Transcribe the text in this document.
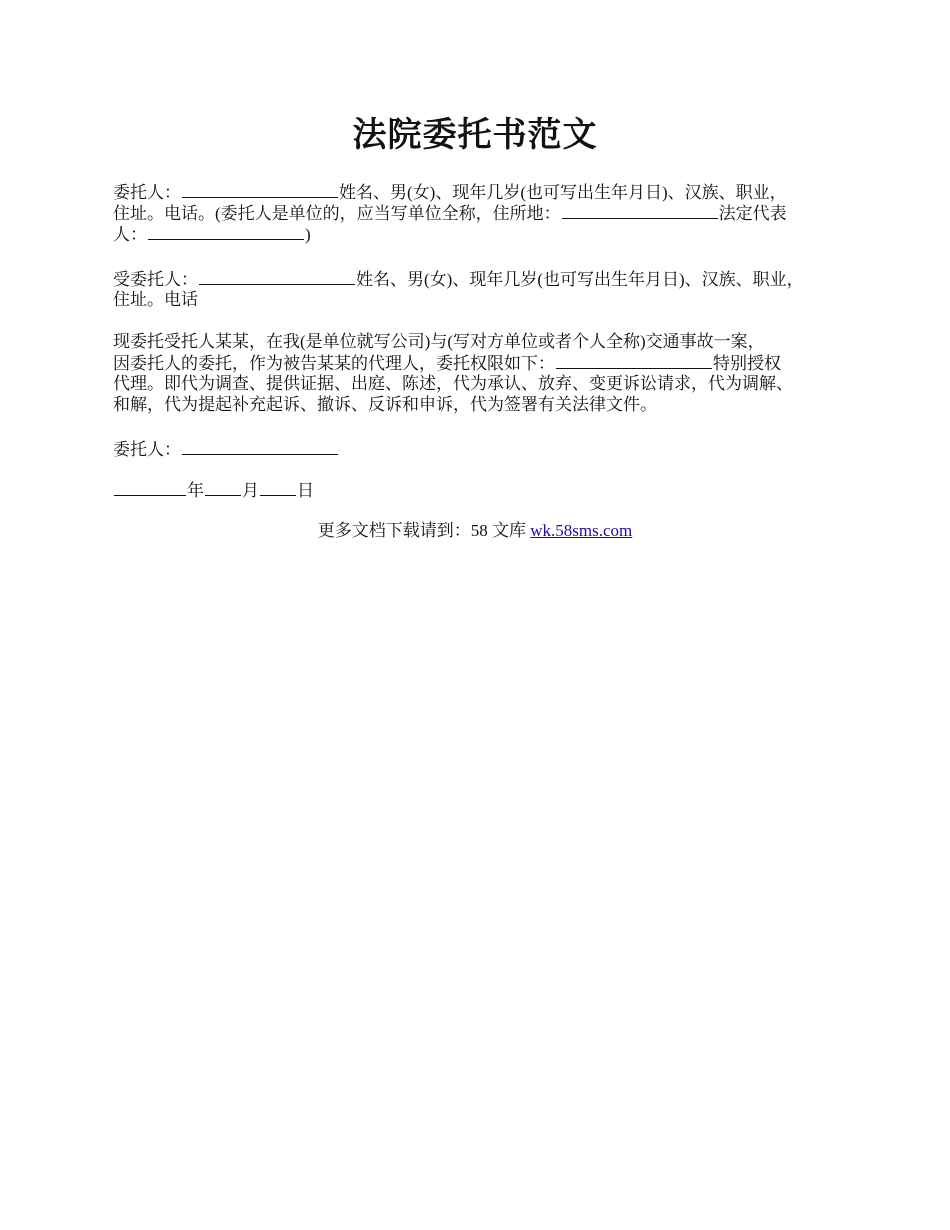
法院委托书范文
委托人：	姓名、男(女)、现年几岁(也可写出生年月日)、汉族、职业，
住址。电话。(委托人是单位的，应当写单位全称，住所地：	法定代表
人：	)
受委托人：	姓名、男(女)、现年几岁(也可写出生年月日)、汉族、职业，
住址。电话
现委托受托人某某，在我(是单位就写公司)与(写对方单位或者个人全称)交通事故一案，
因委托人的委托，作为被告某某的代理人，委托权限如下：	特别授权
代理。即代为调查、提供证据、出庭、陈述，代为承认、放弃、变更诉讼请求，代为调解、
和解，代为提起补充起诉、撤诉、反诉和申诉，代为签署有关法律文件。
委托人：
年 月 日
更多文档下载请到：58 文库 wk.58sms.com
